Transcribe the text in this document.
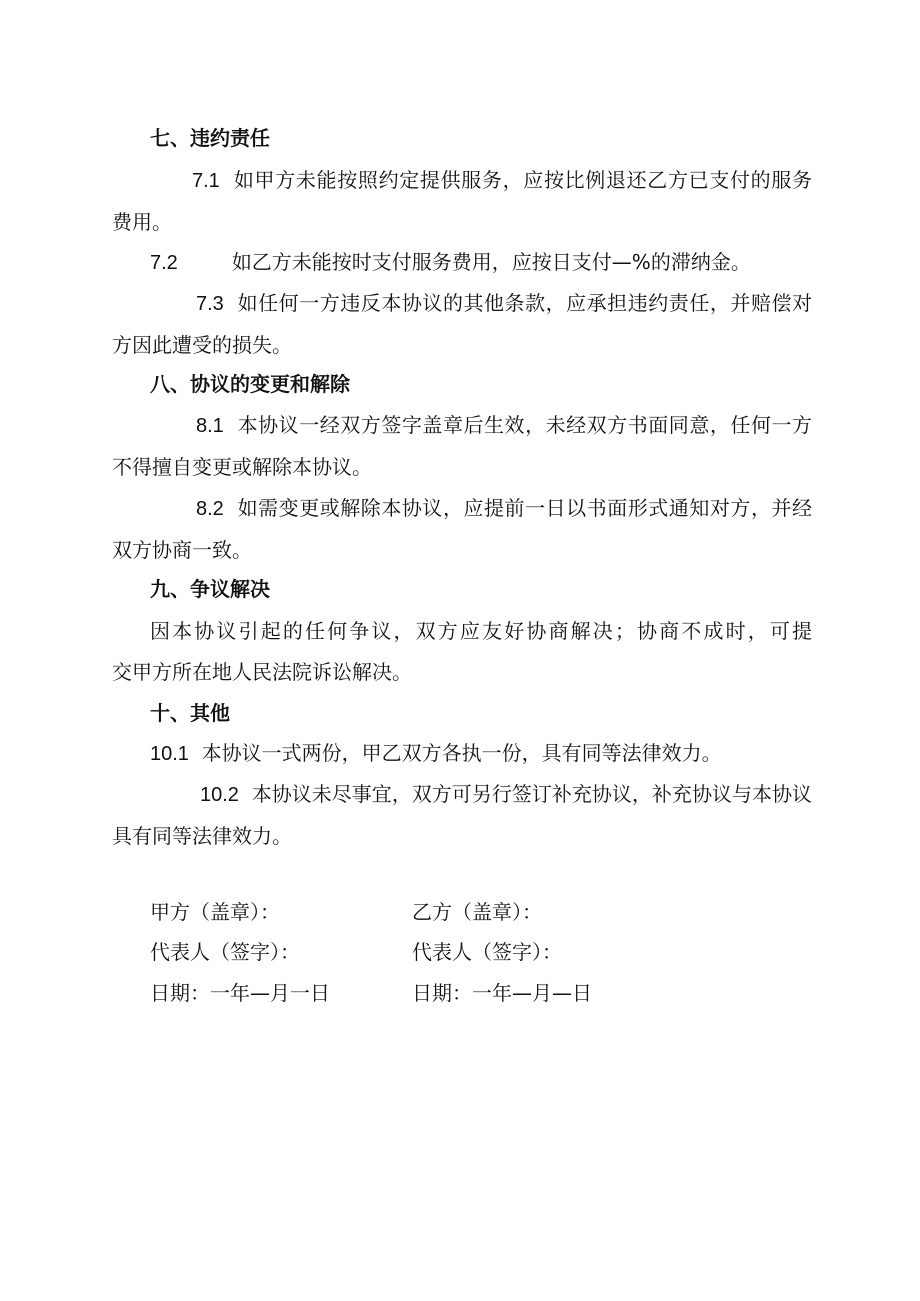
七、违约责任
7.1 如甲方未能按照约定提供服务，应按比例退还乙方已支付的服务
费用。
7.2	如乙方未能按时支付服务费用，应按日支付—%的滞纳金。
7.3 如任何一方违反本协议的其他条款，应承担违约责任，并赔偿对
方因此遭受的损失。
八、协议的变更和解除
8.1 本协议一经双方签字盖章后生效，未经双方书面同意，任何一方
不得擅自变更或解除本协议。
8.2 如需变更或解除本协议，应提前一日以书面形式通知对方，并经
双方协商一致。
九、争议解决
因本协议引起的任何争议，双方应友好协商解决；协商不成时，可提
交甲方所在地人民法院诉讼解决。
十、其他
10.1 本协议一式两份，甲乙双方各执一份，具有同等法律效力。
10.2 本协议未尽事宜，双方可另行签订补充协议，补充协议与本协议
具有同等法律效力。
甲方（盖章）：	乙方（盖章）：
代表人（签字）：	代表人（签字）：
日期：一年—月一日	日期：一年—月—日
